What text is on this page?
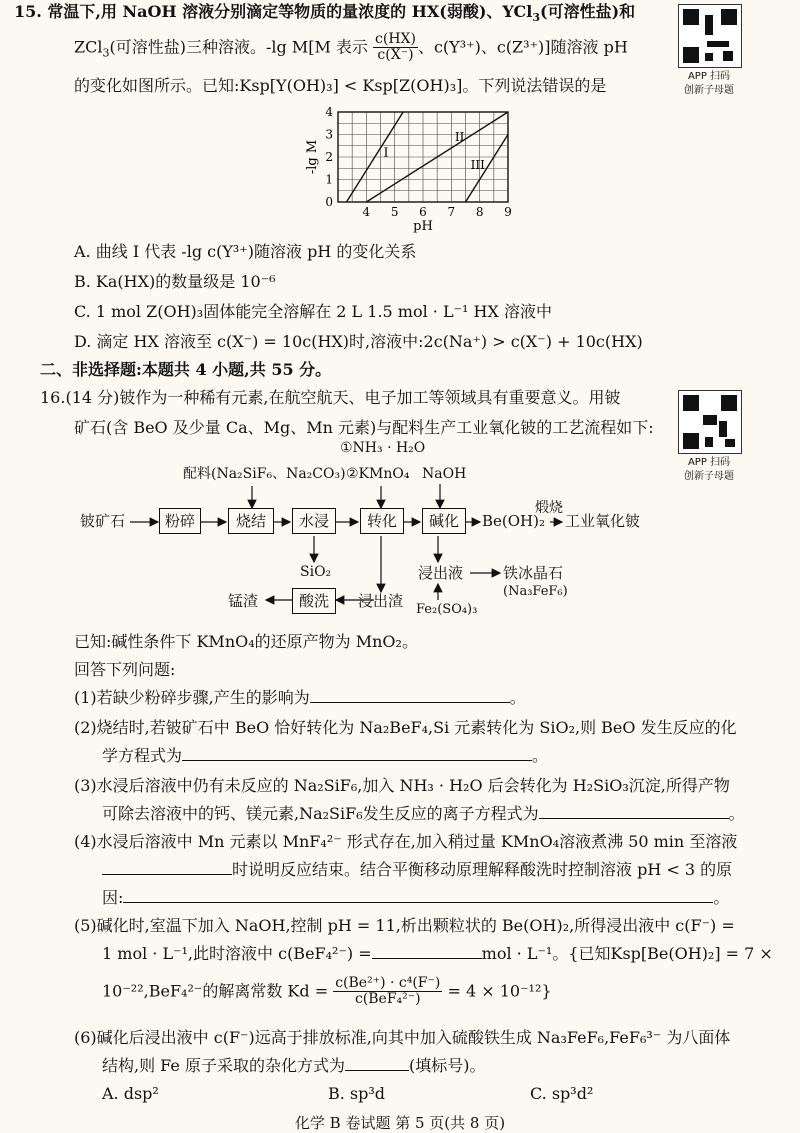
APP 扫码
创新子母题
APP 扫码
创新子母题
15. 常温下,用 NaOH 溶液分别滴定等物质的量浓度的 HX(弱酸)、YCl$_3$(可溶性盐)和
ZCl$_3$(可溶性盐)三种溶液。-lg M[M 表示 $\frac{c(HX)}{c(X^-)}$ 、c(Y³⁺)、c(Z³⁺)]随溶液 pH
的变化如图所示。已知:Ksp[Y(OH)₃] < Ksp[Z(OH)₃]。下列说法错误的是
4 5 6 7 8 9
0
1
2
3
4
pH
-lg M	I
II
III
A. 曲线 I 代表 -lg c(Y³⁺)随溶液 pH 的变化关系
B. Ka(HX)的数量级是 10⁻⁶
C. 1 mol Z(OH)₃固体能完全溶解在 2 L 1.5 mol · L⁻¹ HX 溶液中
D. 滴定 HX 溶液至 c(X⁻) = 10c(HX)时,溶液中:2c(Na⁺) > c(X⁻) + 10c(HX)
二、非选择题:本题共 4 小题,共 55 分。
16.(14 分)铍作为一种稀有元素,在航空航天、电子加工等领域具有重要意义。用铍
矿石(含 BeO 及少量 Ca、Mg、Mn 元素)与配料生产工业氧化铍的工艺流程如下:
铍矿石	粉碎	烧结	水浸	转化	碱化	Be(OH)₂
煅烧
工业氧化铍
配料(Na₂SiF₆、Na₂CO₃)
①NH₃ · H₂O
②KMnO₄ NaOH
SiO₂
浸出渣
酸洗
锰渣
浸出液	铁冰晶石
(Na₃FeF₆)
Fe₂(SO₄)₃
已知:碱性条件下 KMnO₄的还原产物为 MnO₂。
回答下列问题:
(1)若缺少粉碎步骤,产生的影响为	。
(2)烧结时,若铍矿石中 BeO 恰好转化为 Na₂BeF₄,Si 元素转化为 SiO₂,则 BeO 发生反应的化
学方程式为	。
(3)水浸后溶液中仍有未反应的 Na₂SiF₆,加入 NH₃ · H₂O 后会转化为 H₂SiO₃沉淀,所得产物
可除去溶液中的钙、镁元素,Na₂SiF₆发生反应的离子方程式为	。
(4)水浸后溶液中 Mn 元素以 MnF₄²⁻ 形式存在,加入稍过量 KMnO₄溶液煮沸 50 min 至溶液
时说明反应结束。结合平衡移动原理解释酸洗时控制溶液 pH < 3 的原
因:	。
(5)碱化时,室温下加入 NaOH,控制 pH = 11,析出颗粒状的 Be(OH)₂,所得浸出液中 c(F⁻) =
1 mol · L⁻¹,此时溶液中 c(BeF₄²⁻) =	mol · L⁻¹。{已知Ksp[Be(OH)₂] = 7 ×
10⁻²²,BeF₄²⁻的解离常数 $Kd = \frac{\text{c(Be²⁺) · c⁴(F⁻)}}{\text{c(BeF₄²⁻)}} = 4 \times 10^{-12}$}
(6)碱化后浸出液中 c(F⁻)远高于排放标准,向其中加入硫酸铁生成 Na₃FeF₆,FeF₆³⁻ 为八面体
结构,则 Fe 原子采取的杂化方式为	(填标号)。
A. dsp²	B. sp³d	C. sp³d²
化学 B 卷试题 第 5 页(共 8 页)
